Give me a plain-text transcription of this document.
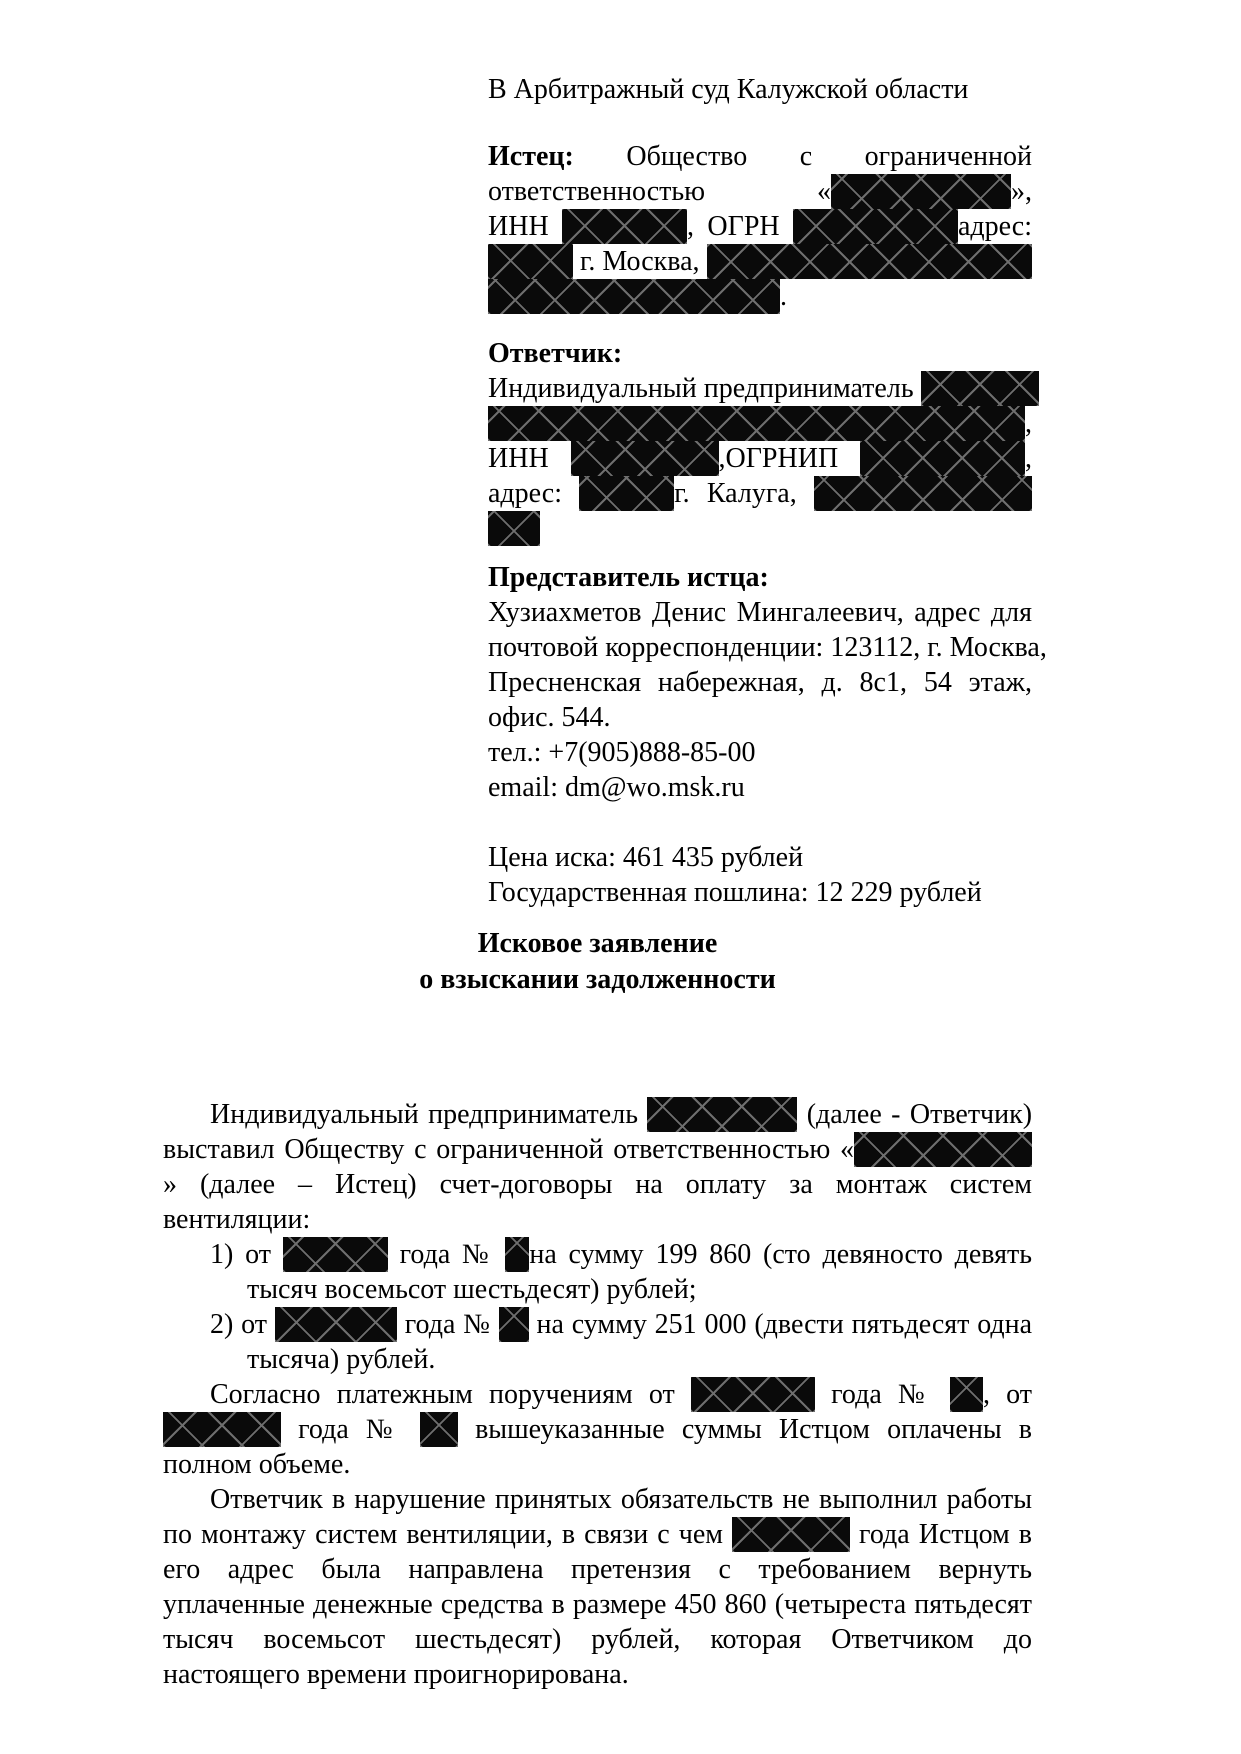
В Арбитражный суд Калужской области
Истец: Общество с ограниченной
ответственностью	«	»,
ИНН	, ОГРН	адрес:
г. Москва,
.
Ответчик:
Индивидуальный предприниматель
,
ИНН	,ОГРНИП	,
адрес:	г. Калуга,
Представитель истца:
Хузиахметов Денис Мингалеевич, адрес для
почтовой корреспонденции: 123112, г. Москва,
Пресненская набережная, д. 8с1, 54 этаж,
офис. 544.
тел.: +7(905)888-85-00
email: dm@wo.msk.ru
Цена иска: 461 435 рублей
Государственная пошлина: 12 229 рублей
Исковое заявление
о взыскании задолженности

Индивидуальный предприниматель	(далее - Ответчик) выставил Обществу с ограниченной ответственностью «» (далее – Истец) счет-договоры на оплату за монтаж систем вентиляции:

1) от	года № на сумму 199 860 (сто девяносто девять тысяч восемьсот шестьдесят) рублей;

2) от	года № на сумму 251 000 (двести пятьдесят одна тысяча) рублей.

Согласно платежным поручениям от	года № , от  года №	вышеуказанные суммы Истцом оплачены в полном объеме.

Ответчик в нарушение принятых обязательств не выполнил работы по монтажу систем вентиляции, в связи с чем	года Истцом в его адрес была направлена претензия с требованием вернуть уплаченные денежные средства в размере 450 860 (четыреста пятьдесят тысяч восемьсот шестьдесят) рублей, которая Ответчиком до настоящего времени проигнорирована.
